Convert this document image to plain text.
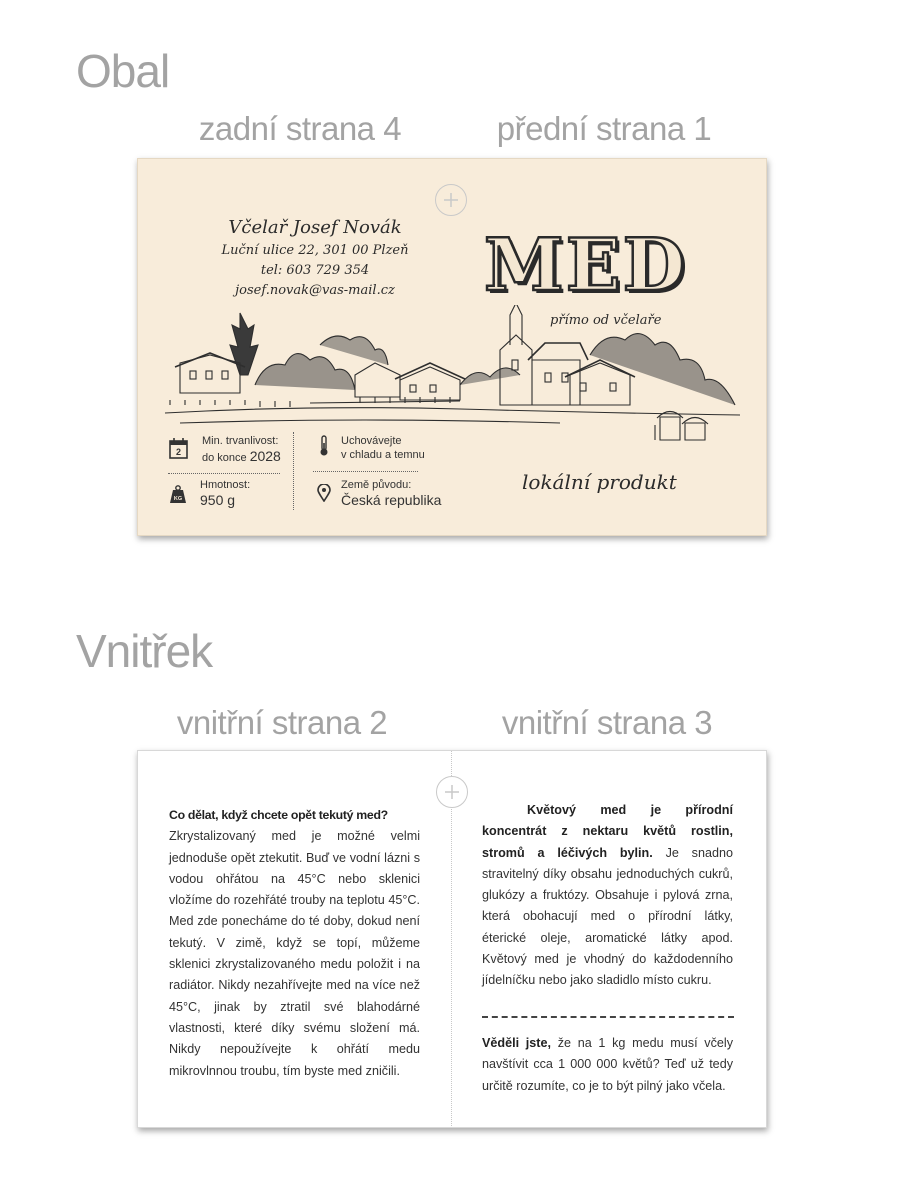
Obal
zadní strana 4	přední strana 1
Včelař Josef Novák
Luční ulice 22, 301 00 Plzeň
tel: 603 729 354
josef.novak@vas-mail.cz	MED
přímo od včelaře
2
Min. trvanlivost:
do konce 2028
KG
Hmotnost:
950 g
Uchovávejte
v chladu a temnu
Země původu:
Česká republika
lokální produkt
Vnitřek
vnitřní strana 2	vnitřní strana 3
Co dělat, když chcete opět tekutý med?
Zkrystalizovaný med je možné velmi jednoduše opět ztekutit. Buď ve vodní lázni s vodou ohřátou na 45°C nebo sklenici vložíme do rozehřáté trouby na teplotu 45°C. Med zde ponecháme do té doby, dokud není tekutý. V zimě, když se topí, můžeme sklenici zkrystalizovaného medu položit i na radiátor. Nikdy nezahřívejte med na více než 45°C, jinak by ztratil své blahodárné vlastnosti, které díky svému složení má. Nikdy nepoužívejte k ohřátí medu mikrovlnnou troubu, tím byste med zničili.
Květový med je přírodní koncentrát z nektaru květů rostlin, stromů a léčivých bylin. Je snadno stravitelný díky obsahu jednoduchých cukrů, glukózy a fruktózy. Obsahuje i pylová zrna, která obohacují med o přírodní látky, éterické oleje, aromatické látky apod. Květový med je vhodný do každodenního jídelníčku nebo jako sladidlo místo cukru.
Věděli jste, že na 1 kg medu musí včely navštívit cca 1 000 000 květů? Teď už tedy určitě rozumíte, co je to být pilný jako včela.
